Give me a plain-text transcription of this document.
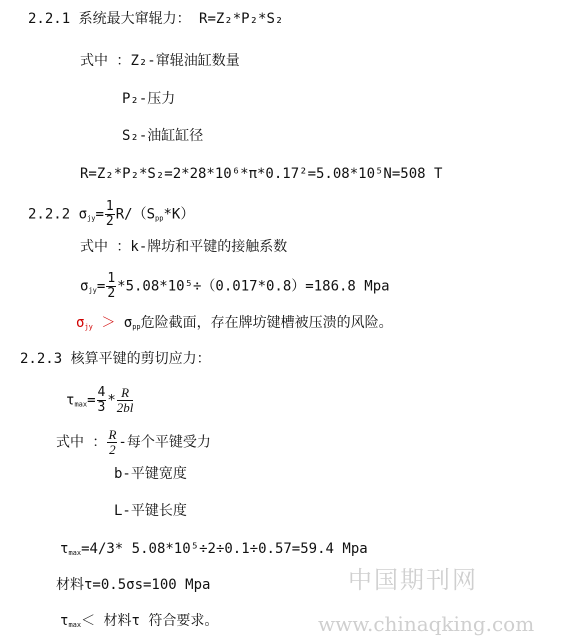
2.2.1 系统最大窜辊力： R=Z₂*P₂*S₂
式中 ：Z₂-窜辊油缸数量
P₂-压力
S₂-油缸缸径
R=Z₂*P₂*S₂=2*28*10⁶*π*0.17²=5.08*10⁵N=508 T
2.2.2 $\sigma_{jy}= \frac{1}{2} R/(S_{pp}*K)$
式中 ：k-牌坊和平键的接触系数
$\sigma_{jy}= \frac{1}{2} *5.08*10^5\div(0.017*0.8)=186.8$ Mpa
$\sigma_{jy} > \sigma_{pp}$危险截面，存在牌坊键槽被压溃的风险。
2.2.3 核算平键的剪切应力：
$\tau_{max}= \frac{4}{3} * \frac{R}{2bl}$
式中 ： $\frac{R}{2}$ -每个平键受力
b-平键宽度
L-平键长度
$\tau_{max}=4/3*$ 5.08*10⁵÷2÷0.1÷0.57=59.4 Mpa
材料τ=0.5σs=100 Mpa
$\tau_{max}<$ 材料τ 符合要求。
中国期刊网
www.chinaqking.com
